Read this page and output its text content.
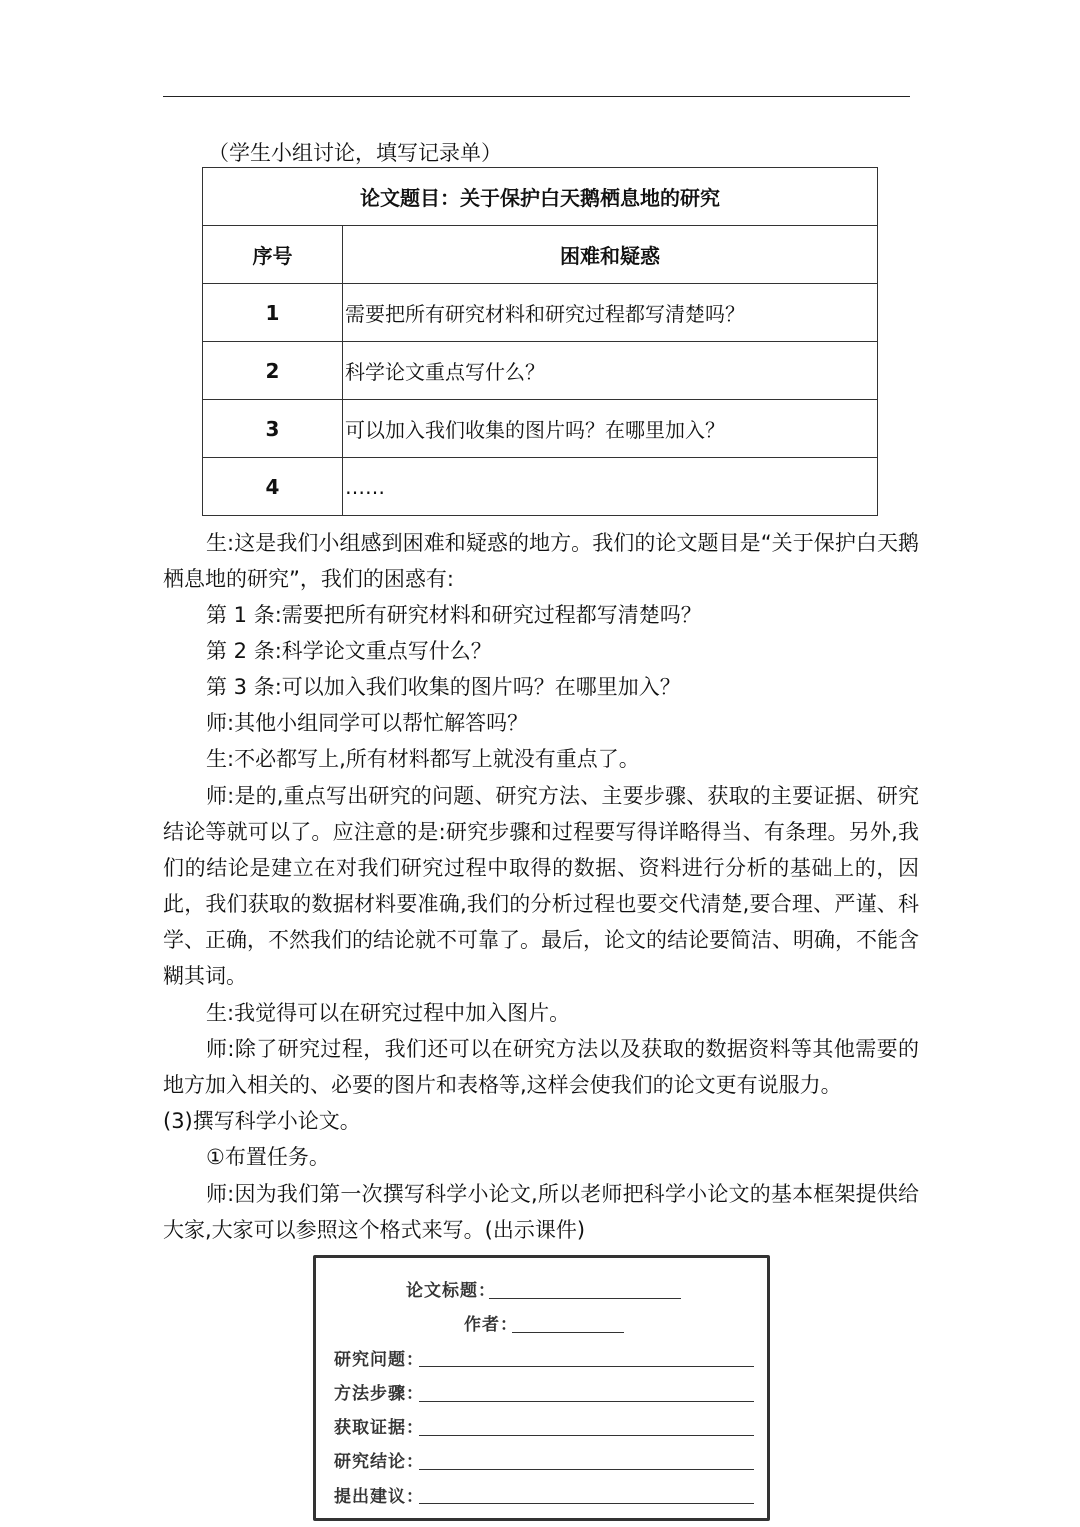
（学生小组讨论，填写记录单）
论文题目：关于保护白天鹅栖息地的研究	
序号	困难和疑惑
1	需要把所有研究材料和研究过程都写清楚吗？
2	科学论文重点写什么？
3	可以加入我们收集的图片吗？在哪里加入？
4	……
生:这是我们小组感到困难和疑惑的地方。我们的论文题目是“关于保护白天鹅栖息地的研究”，我们的困惑有:
第 1 条:需要把所有研究材料和研究过程都写清楚吗？
第 2 条:科学论文重点写什么？
第 3 条:可以加入我们收集的图片吗？在哪里加入？
师:其他小组同学可以帮忙解答吗？
生:不必都写上,所有材料都写上就没有重点了。
师:是的,重点写出研究的问题、研究方法、主要步骤、获取的主要证据、研究结论等就可以了。应注意的是:研究步骤和过程要写得详略得当、有条理。另外,我们的结论是建立在对我们研究过程中取得的数据、资料进行分析的基础上的，因此，我们获取的数据材料要准确,我们的分析过程也要交代清楚,要合理、严谨、科学、正确，不然我们的结论就不可靠了。最后，论文的结论要简洁、明确，不能含糊其词。
生:我觉得可以在研究过程中加入图片。
师:除了研究过程，我们还可以在研究方法以及获取的数据资料等其他需要的地方加入相关的、必要的图片和表格等,这样会使我们的论文更有说服力。
(3)撰写科学小论文。
①布置任务。
师:因为我们第一次撰写科学小论文,所以老师把科学小论文的基本框架提供给大家,大家可以参照这个格式来写。(出示课件)
论文标题：
作者：
研究问题：
方法步骤：
获取证据：
研究结论：
提出建议：
